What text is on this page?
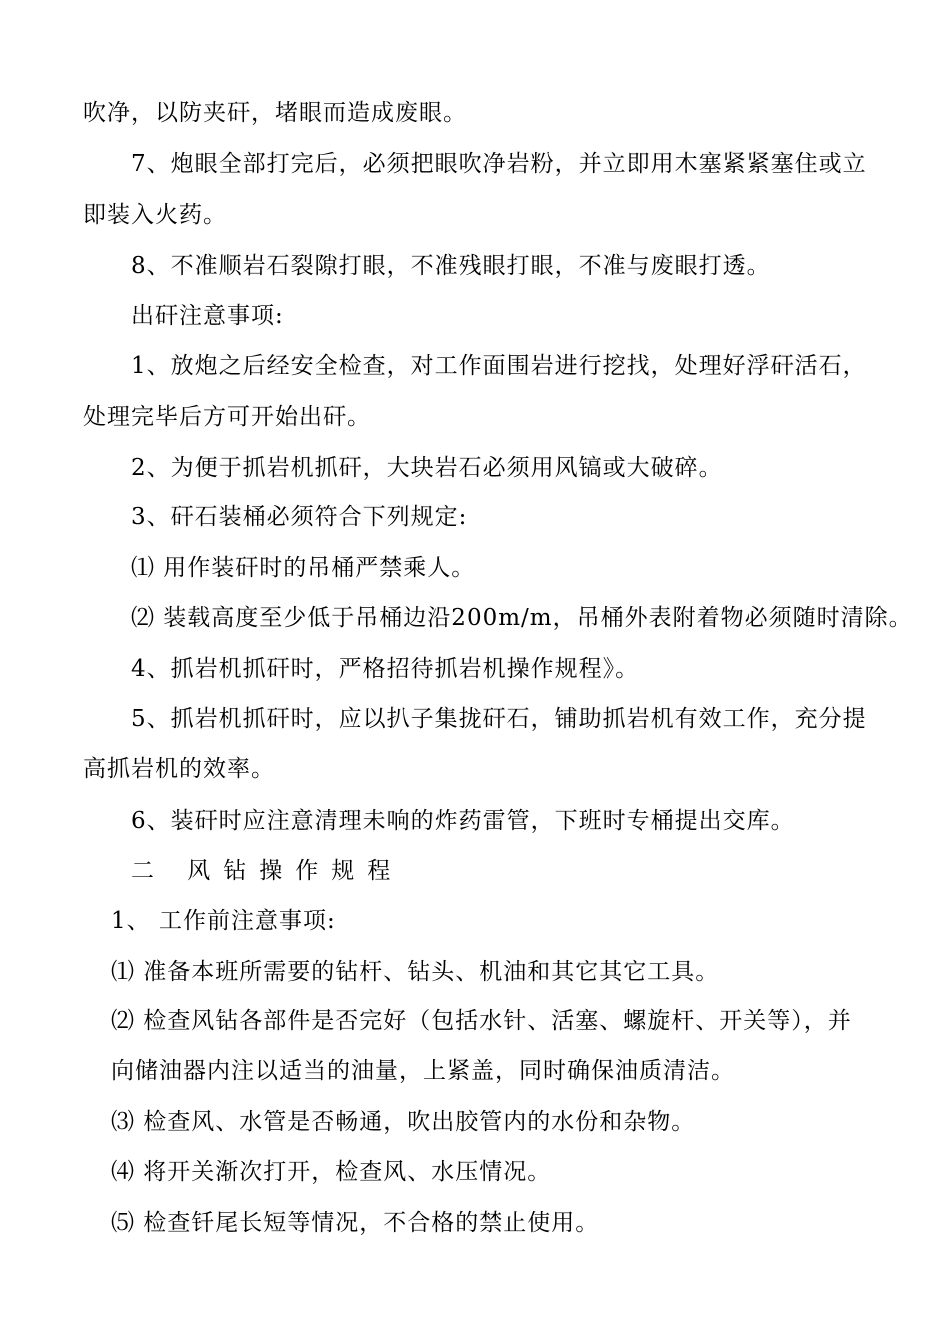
吹净，以防夹矸，堵眼而造成废眼。
7、炮眼全部打完后，必须把眼吹净岩粉，并立即用木塞紧紧塞住或立
即装入火药。
8、不准顺岩石裂隙打眼，不准残眼打眼，不准与废眼打透。
出矸注意事项:
1、放炮之后经安全检查，对工作面围岩进行挖找，处理好浮矸活石，
处理完毕后方可开始出矸。
2、为便于抓岩机抓矸，大块岩石必须用风镐或大破碎。
3、矸石装桶必须符合下列规定:
⑴ 用作装矸时的吊桶严禁乘人。
⑵ 装载高度至少低于吊桶边沿200m/m，吊桶外表附着物必须随时清除。
4、抓岩机抓矸时，严格招待抓岩机操作规程》。
5、抓岩机抓矸时，应以扒子集拢矸石，铺助抓岩机有效工作，充分提
高抓岩机的效率。
6、装矸时应注意清理未响的炸药雷管，下班时专桶提出交库。
二 风钻操作规程
1、 工作前注意事项:
⑴ 准备本班所需要的钻杆、钻头、机油和其它其它工具。
⑵ 检查风钻各部件是否完好（包括水针、活塞、螺旋杆、开关等），并
向储油器内注以适当的油量，上紧盖，同时确保油质清洁。
⑶ 检查风、水管是否畅通，吹出胶管内的水份和杂物。
⑷ 将开关渐次打开，检查风、水压情况。
⑸ 检查钎尾长短等情况，不合格的禁止使用。
